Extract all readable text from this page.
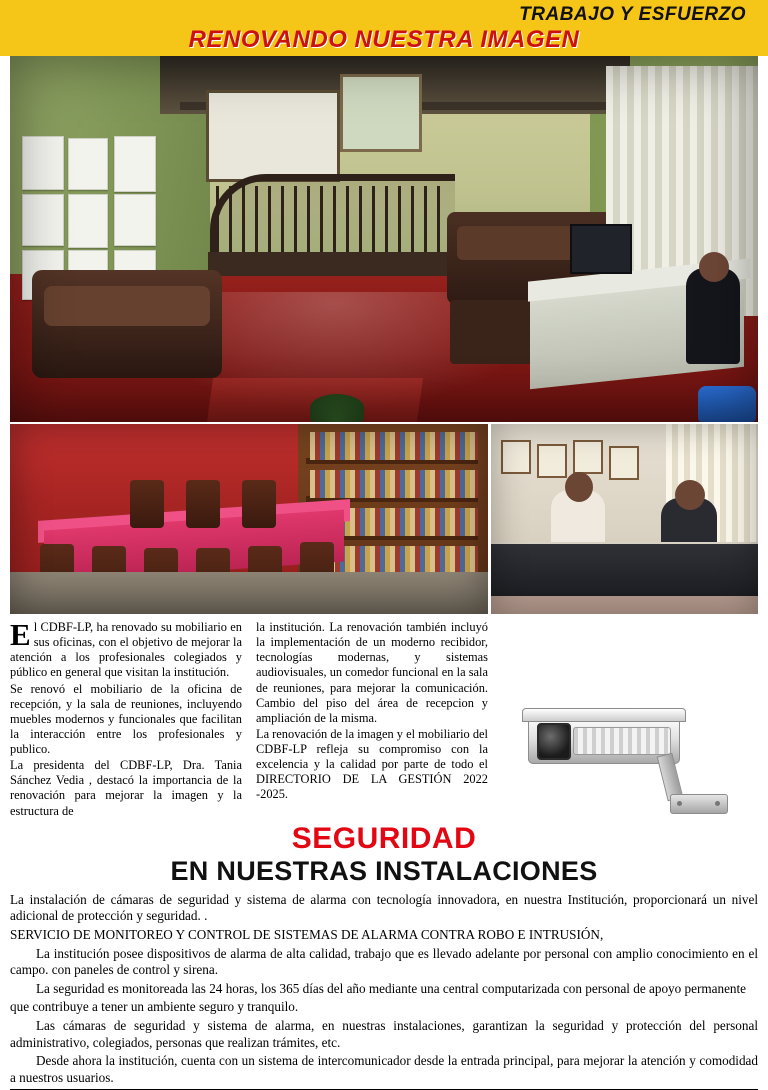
TRABAJO Y ESFUERZO
RENOVANDO NUESTRA IMAGEN
E l CDBF-LP, ha renovado su mobiliario en sus oficinas, con el objetivo de mejorar la atención a los profesionales colegiados y público en general que visitan la institución.

Se renovó el mobiliario de la oficina de recepción, y la sala de reuniones, incluyendo muebles modernos y funcionales que facilitan la interacción entre los profesionales y publico.

La presidenta del CDBF-LP, Dra. Tania Sánchez Vedia , destacó la importancia de la renovación para mejorar la imagen y la estructura de

la institución. La renovación también incluyó la implementación de un moderno recibidor, tecnologías modernas, y sistemas audiovisuales, un comedor funcional en la sala de reuniones, para mejorar la comunicación. Cambio del piso del área de recepcion y ampliación de la misma.

La renovación de la imagen y el mobiliario del CDBF-LP refleja su compromiso con la excelencia y la calidad por parte de todo el DIRECTORIO DE LA GESTIÓN 2022 -2025.

SEGURIDAD
EN NUESTRAS INSTALACIONES

La instalación de cámaras de seguridad y sistema de alarma con tecnología innovadora, en nuestra Institución, proporcionará un nivel adicional de protección y seguridad. .

SERVICIO DE MONITOREO Y CONTROL DE SISTEMAS DE ALARMA CONTRA ROBO E INTRUSIÓN,

La institución posee dispositivos de alarma de alta calidad, trabajo que es llevado adelante por personal con amplio conocimiento en el campo. con paneles de control y sirena.

La seguridad es monitoreada las 24 horas, los 365 días del año mediante una central computarizada con personal de apoyo permanente

que contribuye a tener un ambiente seguro y tranquilo.

Las cámaras de seguridad y sistema de alarma, en nuestras instalaciones, garantizan la seguridad y protección del personal administrativo, colegiados, personas que realizan trámites, etc.

Desde ahora la institución, cuenta con un sistema de intercomunicador desde la entrada principal, para mejorar la atención y comodidad a nuestros usuarios.
